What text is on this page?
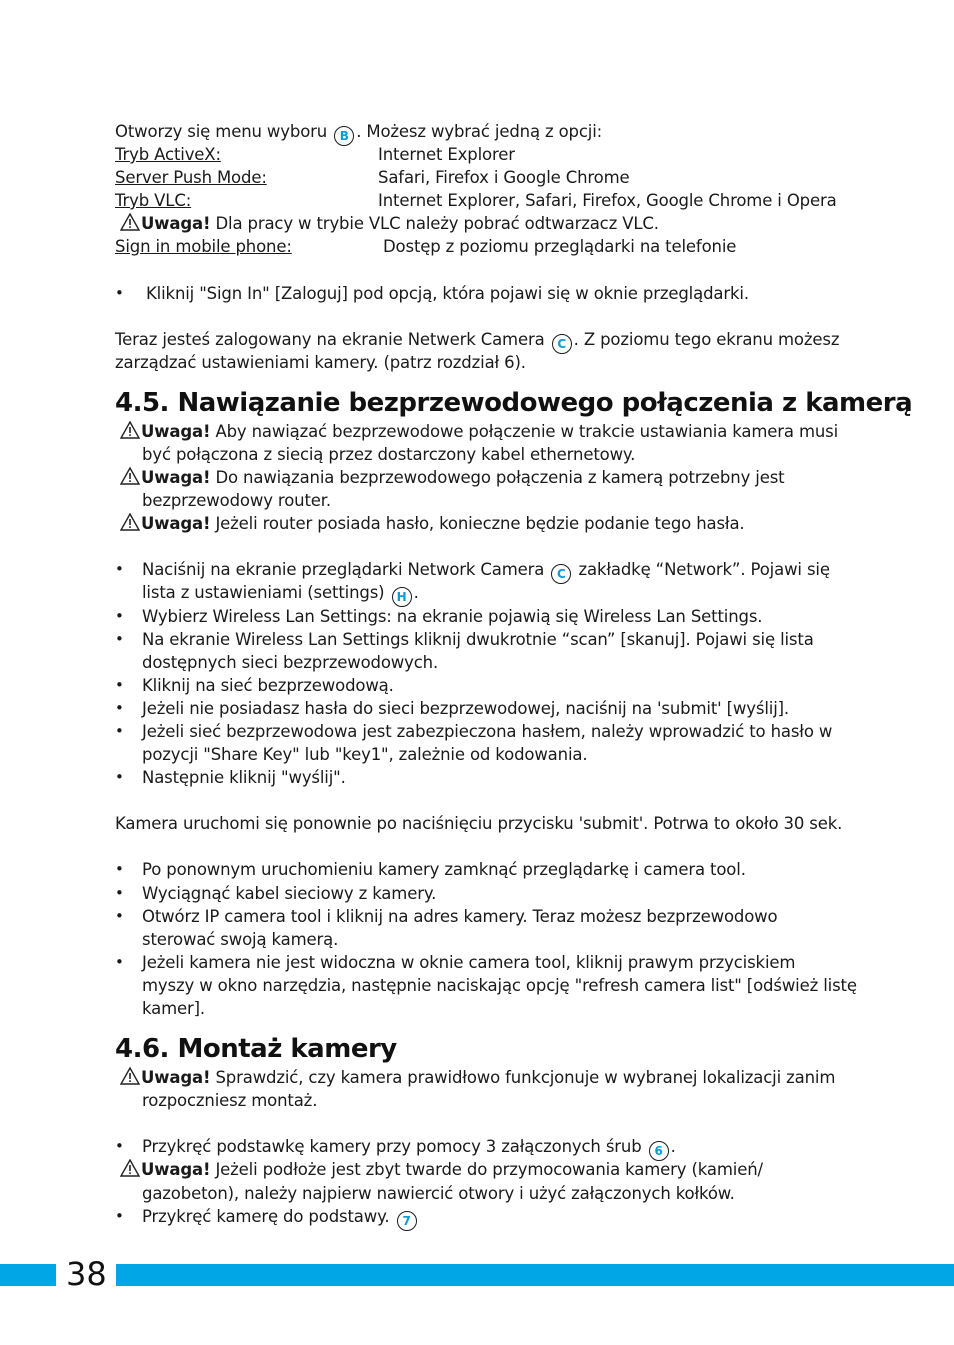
Otworzy się menu wyboru B . Możesz wybrać jedną z opcji:
Tryb ActiveX:	Internet Explorer
Server Push Mode:	Safari, Firefox i Google Chrome
Tryb VLC:	Internet Explorer, Safari, Firefox, Google Chrome i Opera
Uwaga! Dla pracy w trybie VLC należy pobrać odtwarzacz VLC.
Sign in mobile phone:	Dostęp z poziomu przeglądarki na telefonie
• Kliknij "Sign In" [Zaloguj] pod opcją, która pojawi się w oknie przeglądarki.
Teraz jesteś zalogowany na ekranie Netwerk Camera C . Z poziomu tego ekranu możesz
zarządzać ustawieniami kamery. (patrz rozdział 6).
4.5. Nawiązanie bezprzewodowego połączenia z kamerą
Uwaga! Aby nawiązać bezprzewodowe połączenie w trakcie ustawiania kamera musi
być połączona z siecią przez dostarczony kabel ethernetowy.
Uwaga! Do nawiązania bezprzewodowego połączenia z kamerą potrzebny jest
bezprzewodowy router.
Uwaga! Jeżeli router posiada hasło, konieczne będzie podanie tego hasła.
• Naciśnij na ekranie przeglądarki Network Camera C zakładkę “Network”. Pojawi się
lista z ustawieniami (settings) H .
• Wybierz Wireless Lan Settings: na ekranie pojawią się Wireless Lan Settings.
• Na ekranie Wireless Lan Settings kliknij dwukrotnie “scan” [skanuj]. Pojawi się lista
dostępnych sieci bezprzewodowych.
• Kliknij na sieć bezprzewodową.
• Jeżeli nie posiadasz hasła do sieci bezprzewodowej, naciśnij na 'submit' [wyślij].
• Jeżeli sieć bezprzewodowa jest zabezpieczona hasłem, należy wprowadzić to hasło w
pozycji "Share Key" lub "key1", zależnie od kodowania.
• Następnie kliknij "wyślij".
Kamera uruchomi się ponownie po naciśnięciu przycisku 'submit'. Potrwa to około 30 sek.
• Po ponownym uruchomieniu kamery zamknąć przeglądarkę i camera tool.
• Wyciągnąć kabel sieciowy z kamery.
• Otwórz IP camera tool i kliknij na adres kamery. Teraz możesz bezprzewodowo
sterować swoją kamerą.
• Jeżeli kamera nie jest widoczna w oknie camera tool, kliknij prawym przyciskiem
myszy w okno narzędzia, następnie naciskając opcję "refresh camera list" [odśwież listę
kamer].
4.6. Montaż kamery
Uwaga! Sprawdzić, czy kamera prawidłowo funkcjonuje w wybranej lokalizacji zanim
rozpoczniesz montaż.
• Przykręć podstawkę kamery przy pomocy 3 załączonych śrub 6 .
Uwaga! Jeżeli podłoże jest zbyt twarde do przymocowania kamery (kamień/
gazobeton), należy najpierw nawiercić otwory i użyć załączonych kołków.
• Przykręć kamerę do podstawy. 7
38
